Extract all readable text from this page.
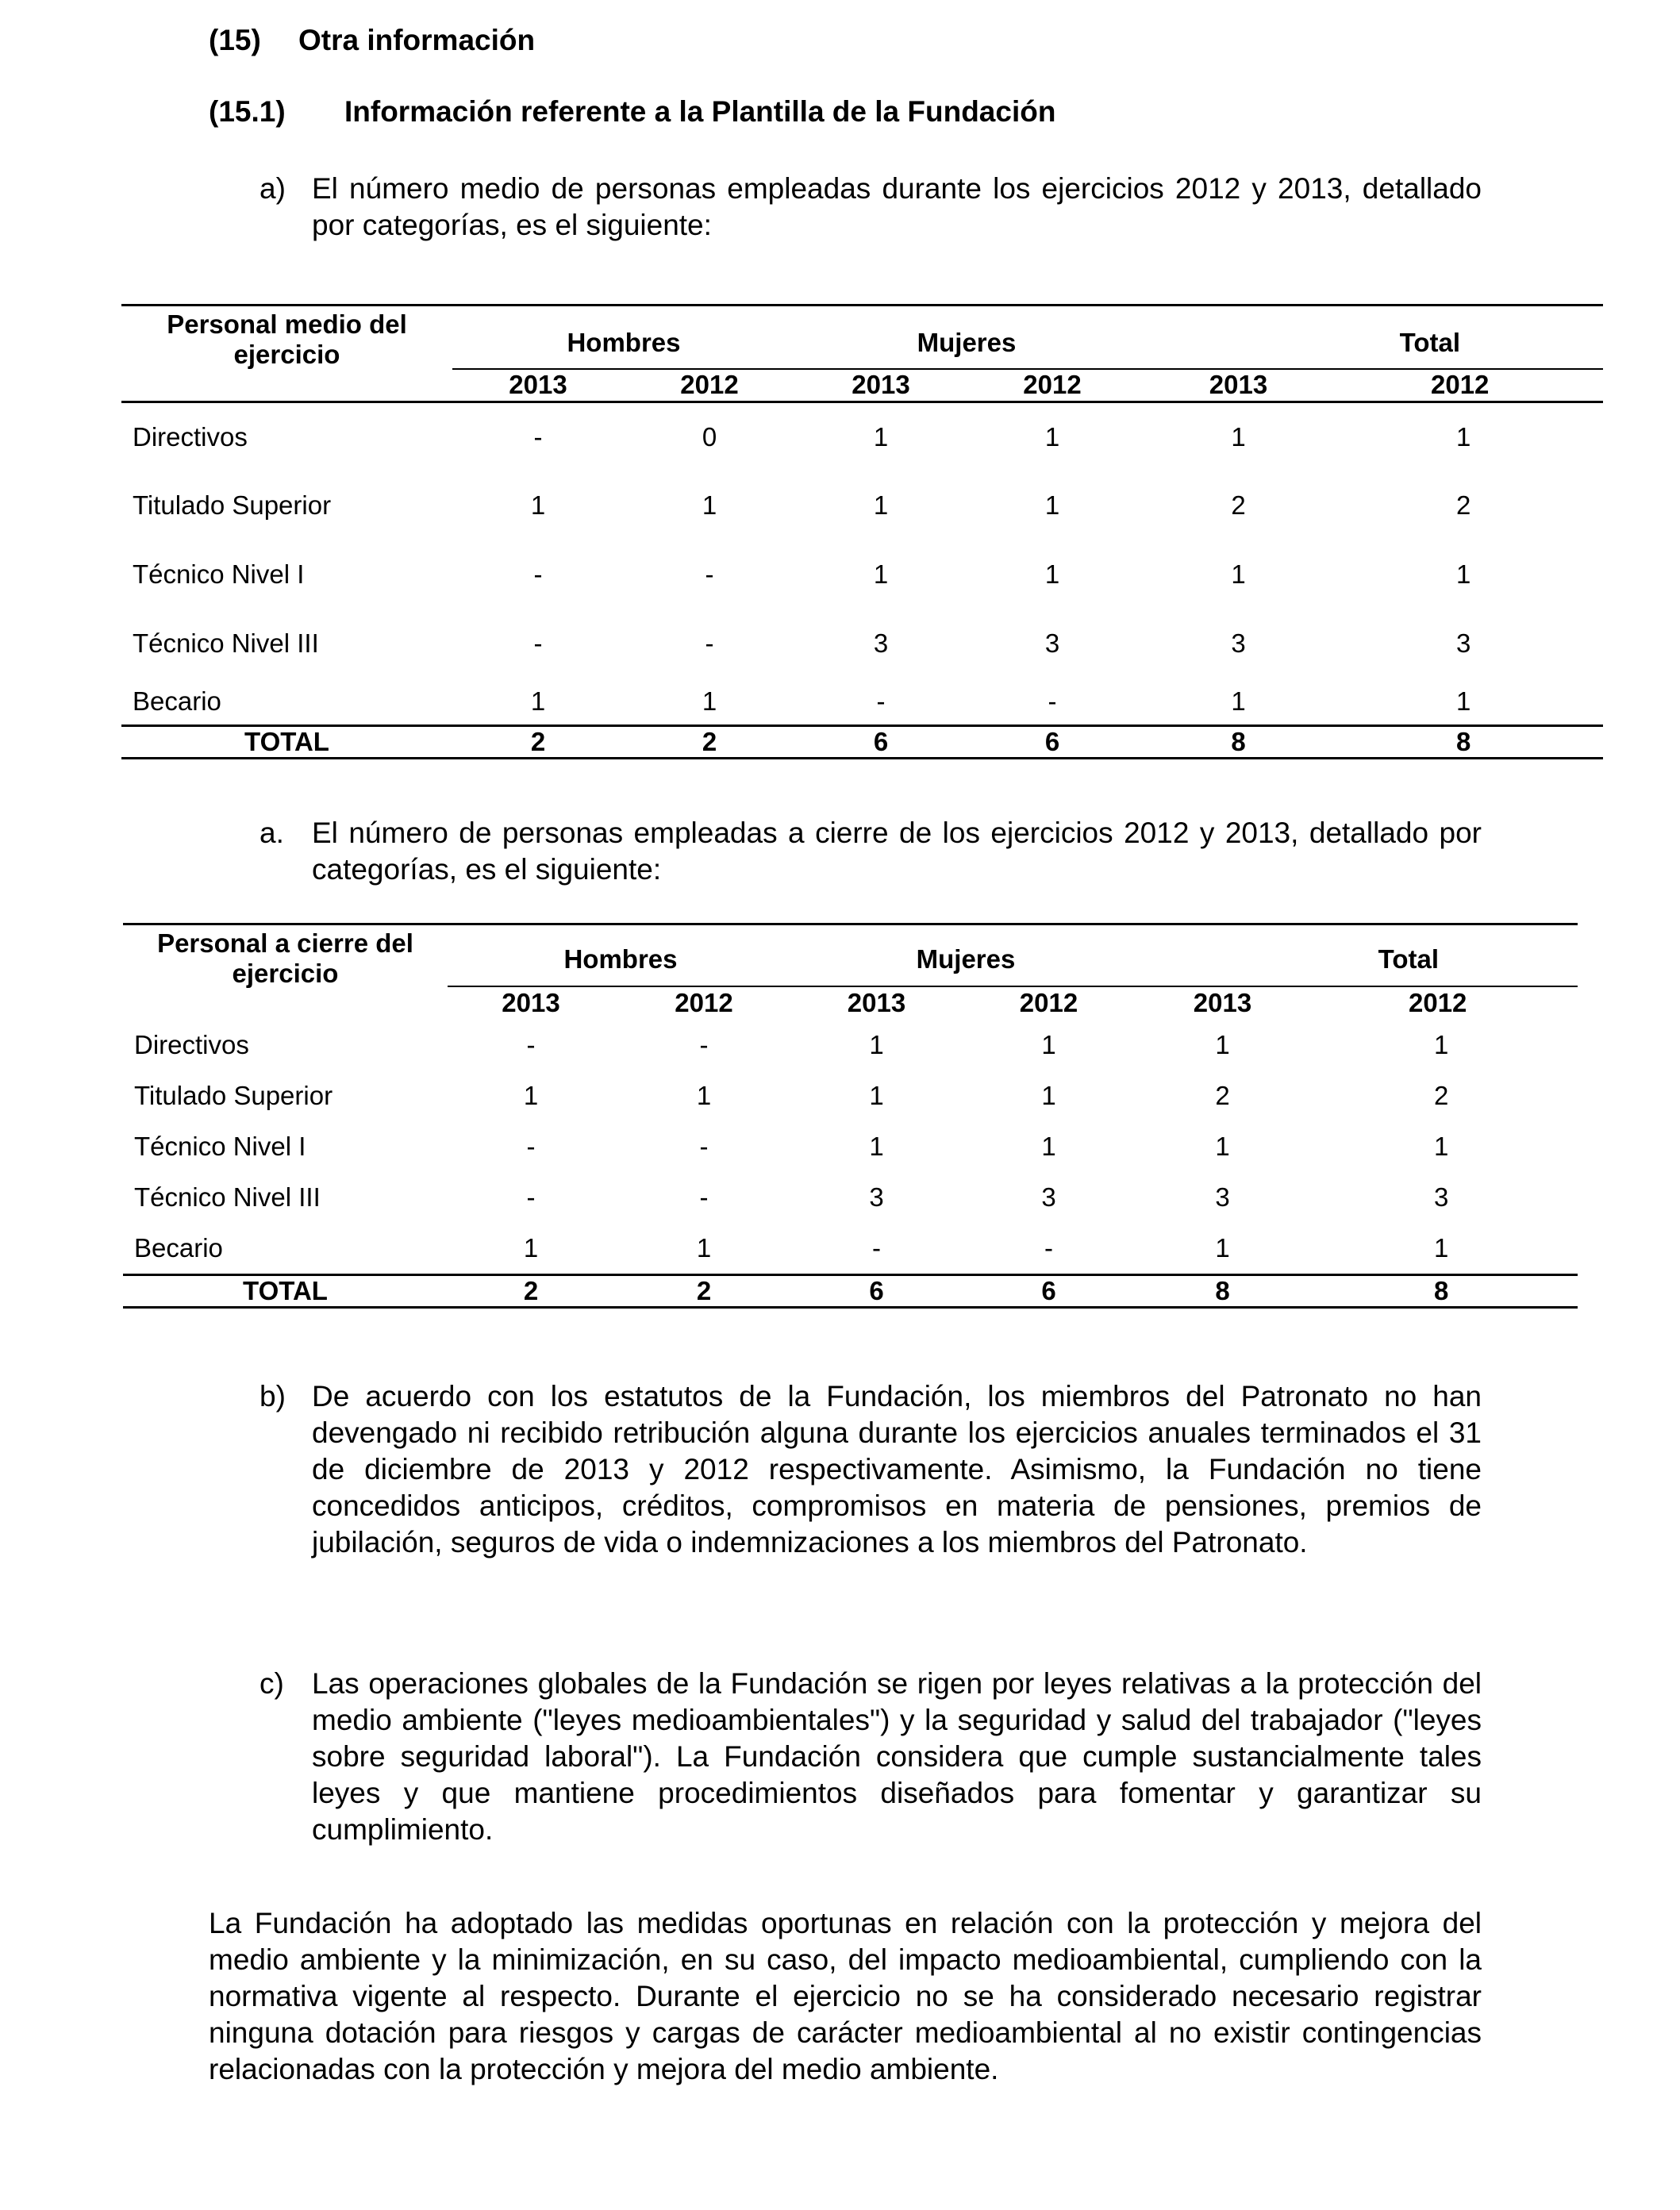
(15) Otra información
(15.1) Información referente a la Plantilla de la Fundación
a) El número medio de personas empleadas durante los ejercicios 2012 y 2013, detallado por categorías, es el siguiente:
Personal medio del ejercicio	Hombres		Mujeres		Total	
	2013	2012	2013	2012	2013	2012
Directivos	-	0	1	1	1	1
Titulado Superior	1	1	1	1	2	2
Técnico Nivel I	-	-	1	1	1	1
Técnico Nivel III	-	-	3	3	3	3
Becario	1	1	-	-	1	1
TOTAL	2	2	6	6	8	8
a. El número de personas empleadas a cierre de los ejercicios 2012 y 2013, detallado por categorías, es el siguiente:
Personal a cierre del ejercicio	Hombres		Mujeres		Total	
	2013	2012	2013	2012	2013	2012
Directivos	-	-	1	1	1	1
Titulado Superior	1	1	1	1	2	2
Técnico Nivel I	-	-	1	1	1	1
Técnico Nivel III	-	-	3	3	3	3
Becario	1	1	-	-	1	1
TOTAL	2	2	6	6	8	8
b) De acuerdo con los estatutos de la Fundación, los miembros del Patronato no han devengado ni recibido retribución alguna durante los ejercicios anuales terminados el 31 de diciembre de 2013 y 2012 respectivamente. Asimismo, la Fundación no tiene concedidos anticipos, créditos, compromisos en materia de pensiones, premios de jubilación, seguros de vida o indemnizaciones a los miembros del Patronato.
c) Las operaciones globales de la Fundación se rigen por leyes relativas a la protección del medio ambiente ("leyes medioambientales") y la seguridad y salud del trabajador ("leyes sobre seguridad laboral"). La Fundación considera que cumple sustancialmente tales leyes y que mantiene procedimientos diseñados para fomentar y garantizar su cumplimiento.
La Fundación ha adoptado las medidas oportunas en relación con la protección y mejora del medio ambiente y la minimización, en su caso, del impacto medioambiental, cumpliendo con la normativa vigente al respecto. Durante el ejercicio no se ha considerado necesario registrar ninguna dotación para riesgos y cargas de carácter medioambiental al no existir contingencias relacionadas con la protección y mejora del medio ambiente.
